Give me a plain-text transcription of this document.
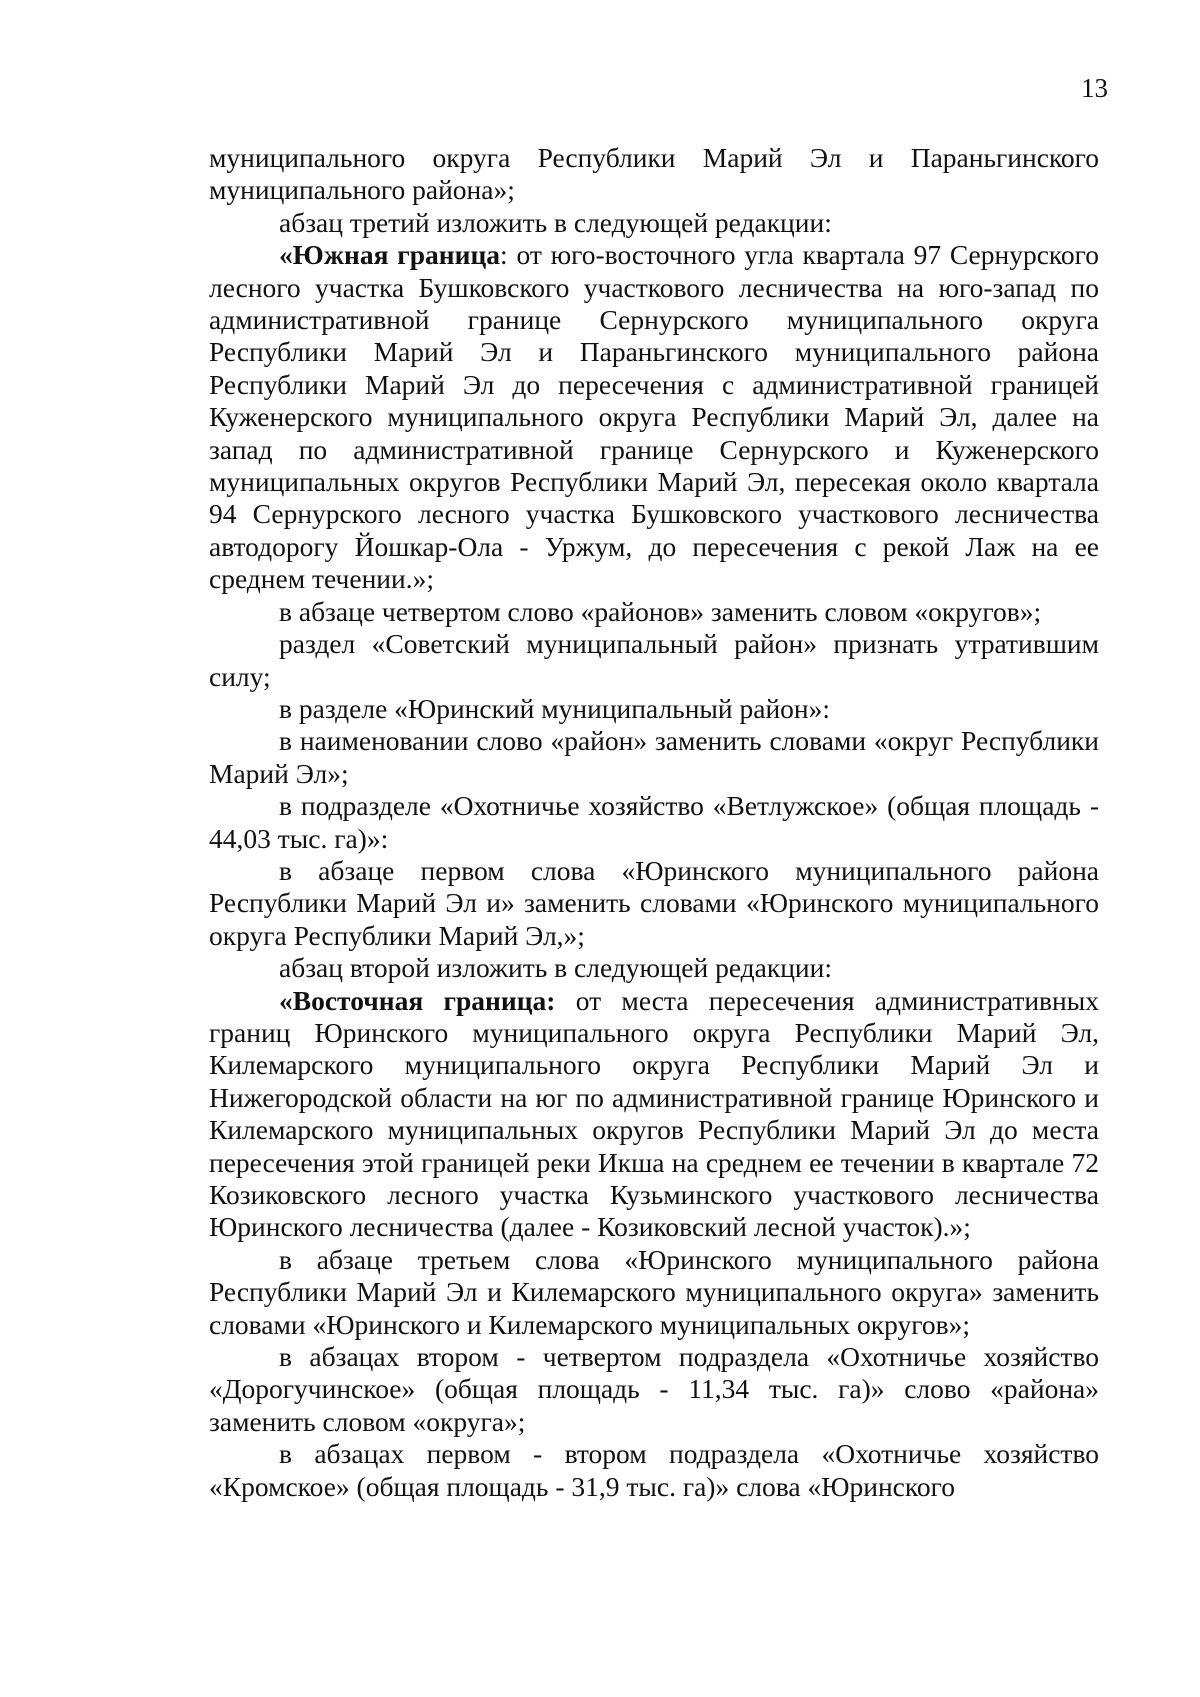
13

муниципального округа Республики Марий Эл и Параньгинского муниципального района»;

абзац третий изложить в следующей редакции:

«Южная граница: от юго-восточного угла квартала 97 Сернурского лесного участка Бушковского участкового лесничества на юго-запад по административной границе Сернурского муниципального округа Республики Марий Эл и Параньгинского муниципального района Республики Марий Эл до пересечения с административной границей Куженерского муниципального округа Республики Марий Эл, далее на запад по административной границе Сернурского и Куженерского муниципальных округов Республики Марий Эл, пересекая около квартала 94 Сернурского лесного участка Бушковского участкового лесничества автодорогу Йошкар-Ола - Уржум, до пересечения с рекой Лаж на ее среднем течении.»;

в абзаце четвертом слово «районов» заменить словом «округов»;

раздел «Советский муниципальный район» признать утратившим силу;

в разделе «Юринский муниципальный район»:

в наименовании слово «район» заменить словами «округ Республики Марий Эл»;

в подразделе «Охотничье хозяйство «Ветлужское» (общая площадь - 44,03 тыс. га)»:

в абзаце первом слова «Юринского муниципального района Республики Марий Эл и» заменить словами «Юринского муниципального округа Республики Марий Эл,»;

абзац второй изложить в следующей редакции:

«Восточная граница: от места пересечения административных границ Юринского муниципального округа Республики Марий Эл, Килемарского муниципального округа Республики Марий Эл и Нижегородской области на юг по административной границе Юринского и Килемарского муниципальных округов Республики Марий Эл до места пересечения этой границей реки Икша на среднем ее течении в квартале 72 Козиковского лесного участка Кузьминского участкового лесничества Юринского лесничества (далее - Козиковский лесной участок).»;

в абзаце третьем слова «Юринского муниципального района Республики Марий Эл и Килемарского муниципального округа» заменить словами «Юринского и Килемарского муниципальных округов»;

в абзацах втором - четвертом подраздела «Охотничье хозяйство «Дорогучинское» (общая площадь - 11,34 тыс. га)» слово «района» заменить словом «округа»;

в абзацах первом - втором подраздела «Охотничье хозяйство «Кромское» (общая площадь - 31,9 тыс. га)» слова «Юринского
